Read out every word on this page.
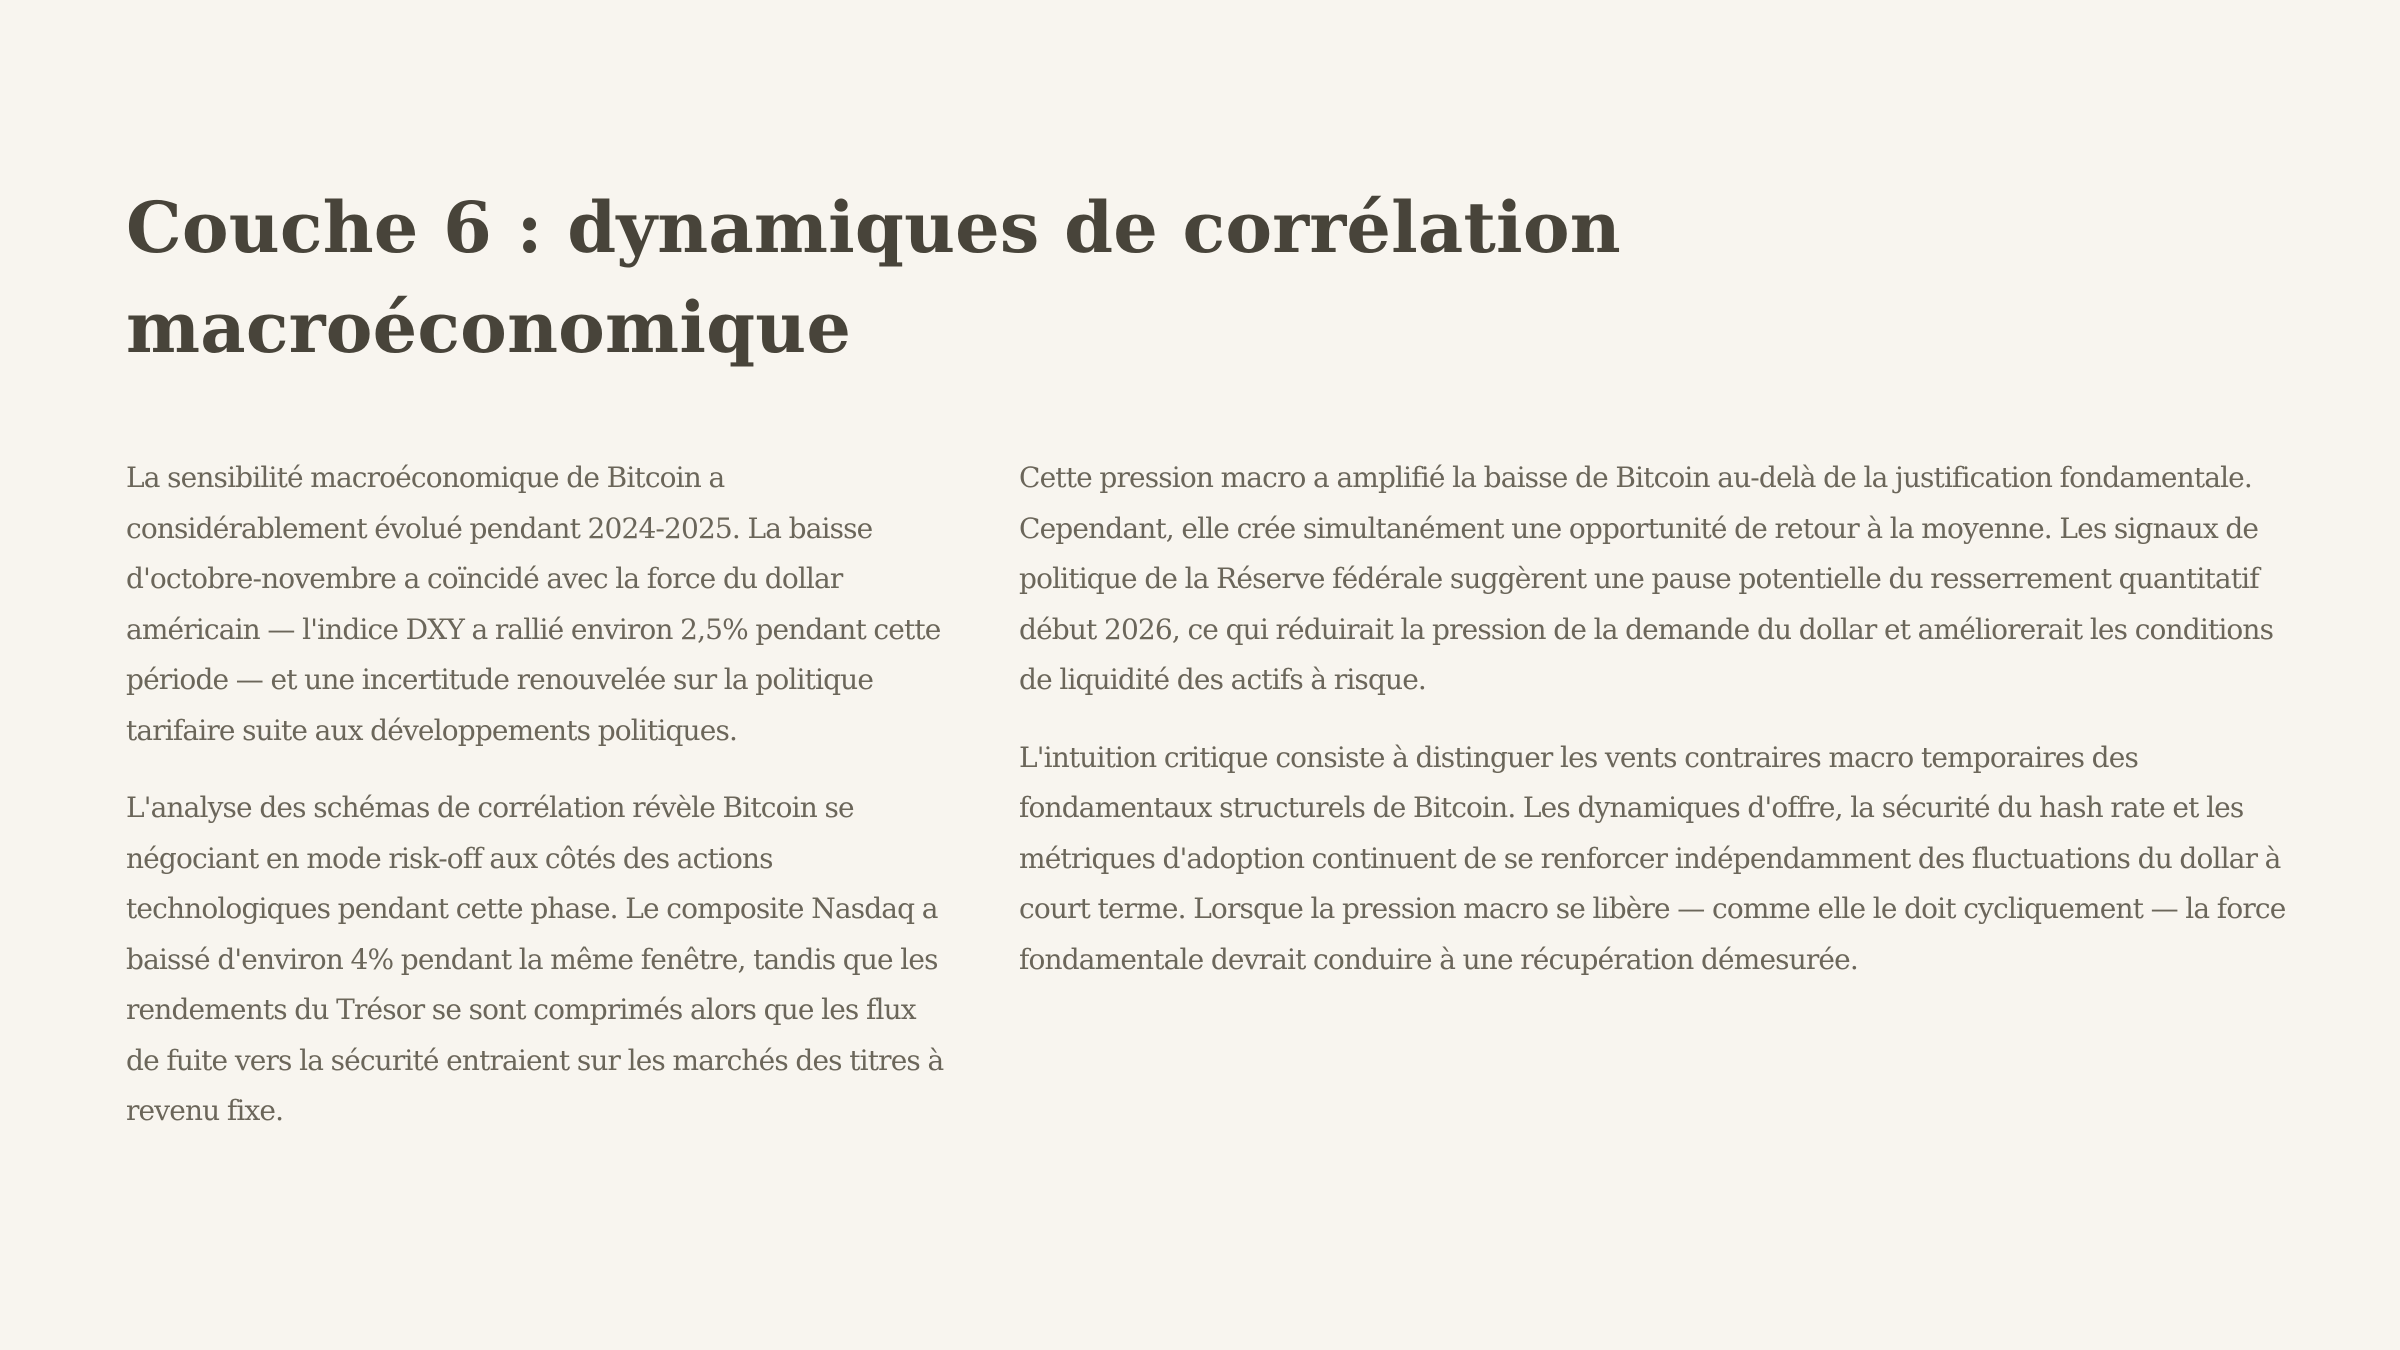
Couche 6 : dynamiques de corrélation macroéconomique

La sensibilité macroéconomique de Bitcoin a considérablement évolué pendant 2024-2025. La baisse d'octobre-novembre a coïncidé avec la force du dollar américain — l'indice DXY a rallié environ 2,5% pendant cette période — et une incertitude renouvelée sur la politique tarifaire suite aux développements politiques.

L'analyse des schémas de corrélation révèle Bitcoin se négociant en mode risk-off aux côtés des actions technologiques pendant cette phase. Le composite Nasdaq a baissé d'environ 4% pendant la même fenêtre, tandis que les rendements du Trésor se sont comprimés alors que les flux de fuite vers la sécurité entraient sur les marchés des titres à revenu fixe.

Cette pression macro a amplifié la baisse de Bitcoin au-delà de la justification fondamentale. Cependant, elle crée simultanément une opportunité de retour à la moyenne. Les signaux de politique de la Réserve fédérale suggèrent une pause potentielle du resserrement quantitatif début 2026, ce qui réduirait la pression de la demande du dollar et améliorerait les conditions de liquidité des actifs à risque.

L'intuition critique consiste à distinguer les vents contraires macro temporaires des fondamentaux structurels de Bitcoin. Les dynamiques d'offre, la sécurité du hash rate et les métriques d'adoption continuent de se renforcer indépendamment des fluctuations du dollar à court terme. Lorsque la pression macro se libère — comme elle le doit cycliquement — la force fondamentale devrait conduire à une récupération démesurée.
